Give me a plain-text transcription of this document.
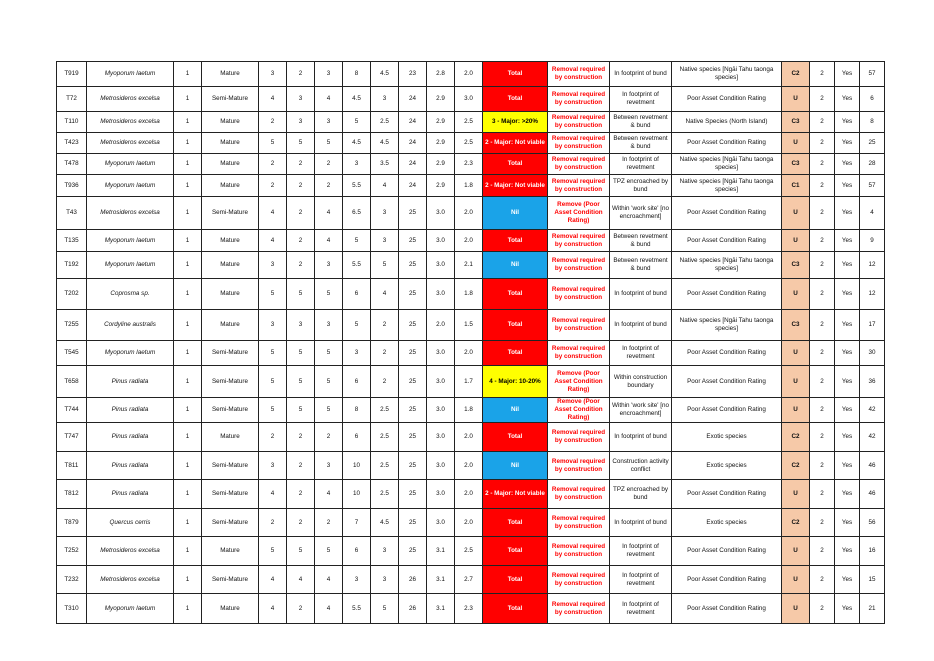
T919	Myoporum laetum	1	Mature	3	2	3	8	4.5	23	2.8	2.0	Total	Removal required by construction	In footprint of bund	Native species [Ngāi Tahu taonga species]	C2	2	Yes	57
T72	Metrosideros excelsa	1	Semi-Mature	4	3	4	4.5	3	24	2.9	3.0	Total	Removal required by construction	In footprint of revetment	Poor Asset Condition Rating	U	2	Yes	6
T110	Metrosideros excelsa	1	Mature	2	3	3	5	2.5	24	2.9	2.5	3 - Major: >20%	Removal required by construction	Between revetment & bund	Native Species (North Island)	C3	2	Yes	8
T423	Metrosideros excelsa	1	Mature	5	5	5	4.5	4.5	24	2.9	2.5	2 - Major: Not viable	Removal required by construction	Between revetment & bund	Poor Asset Condition Rating	U	2	Yes	25
T478	Myoporum laetum	1	Mature	2	2	2	3	3.5	24	2.9	2.3	Total	Removal required by construction	In footprint of revetment	Native species [Ngāi Tahu taonga species]	C3	2	Yes	28
T936	Myoporum laetum	1	Mature	2	2	2	5.5	4	24	2.9	1.8	2 - Major: Not viable	Removal required by construction	TPZ encroached by bund	Native species [Ngāi Tahu taonga species]	C1	2	Yes	57
T43	Metrosideros excelsa	1	Semi-Mature	4	2	4	6.5	3	25	3.0	2.0	Nil	Remove (Poor Asset Condition Rating)	Within 'work site' [no encroachment]	Poor Asset Condition Rating	U	2	Yes	4
T135	Myoporum laetum	1	Mature	4	2	4	5	3	25	3.0	2.0	Total	Removal required by construction	Between revetment & bund	Poor Asset Condition Rating	U	2	Yes	9
T192	Myoporum laetum	1	Mature	3	2	3	5.5	5	25	3.0	2.1	Nil	Removal required by construction	Between revetment & bund	Native species [Ngāi Tahu taonga species]	C3	2	Yes	12
T202	Coprosma sp.	1	Mature	5	5	5	6	4	25	3.0	1.8	Total	Removal required by construction	In footprint of bund	Poor Asset Condition Rating	U	2	Yes	12
T255	Cordyline australis	1	Mature	3	3	3	5	2	25	2.0	1.5	Total	Removal required by construction	In footprint of bund	Native species [Ngāi Tahu taonga species]	C3	2	Yes	17
T545	Myoporum laetum	1	Semi-Mature	5	5	5	3	2	25	3.0	2.0	Total	Removal required by construction	In footprint of revetment	Poor Asset Condition Rating	U	2	Yes	30
T658	Pinus radiata	1	Semi-Mature	5	5	5	6	2	25	3.0	1.7	4 - Major: 10-20%	Remove (Poor Asset Condition Rating)	Within construction boundary	Poor Asset Condition Rating	U	2	Yes	36
T744	Pinus radiata	1	Semi-Mature	5	5	5	8	2.5	25	3.0	1.8	Nil	Remove (Poor Asset Condition Rating)	Within 'work site' [no encroachment]	Poor Asset Condition Rating	U	2	Yes	42
T747	Pinus radiata	1	Mature	2	2	2	6	2.5	25	3.0	2.0	Total	Removal required by construction	In footprint of bund	Exotic species	C2	2	Yes	42
T811	Pinus radiata	1	Semi-Mature	3	2	3	10	2.5	25	3.0	2.0	Nil	Removal required by construction	Construction activity conflict	Exotic species	C2	2	Yes	46
T812	Pinus radiata	1	Semi-Mature	4	2	4	10	2.5	25	3.0	2.0	2 - Major: Not viable	Removal required by construction	TPZ encroached by bund	Poor Asset Condition Rating	U	2	Yes	46
T879	Quercus cerris	1	Semi-Mature	2	2	2	7	4.5	25	3.0	2.0	Total	Removal required by construction	In footprint of bund	Exotic species	C2	2	Yes	56
T252	Metrosideros excelsa	1	Mature	5	5	5	6	3	25	3.1	2.5	Total	Removal required by construction	In footprint of revetment	Poor Asset Condition Rating	U	2	Yes	16
T232	Metrosideros excelsa	1	Semi-Mature	4	4	4	3	3	26	3.1	2.7	Total	Removal required by construction	In footprint of revetment	Poor Asset Condition Rating	U	2	Yes	15
T310	Myoporum laetum	1	Mature	4	2	4	5.5	5	26	3.1	2.3	Total	Removal required by construction	In footprint of revetment	Poor Asset Condition Rating	U	2	Yes	21
